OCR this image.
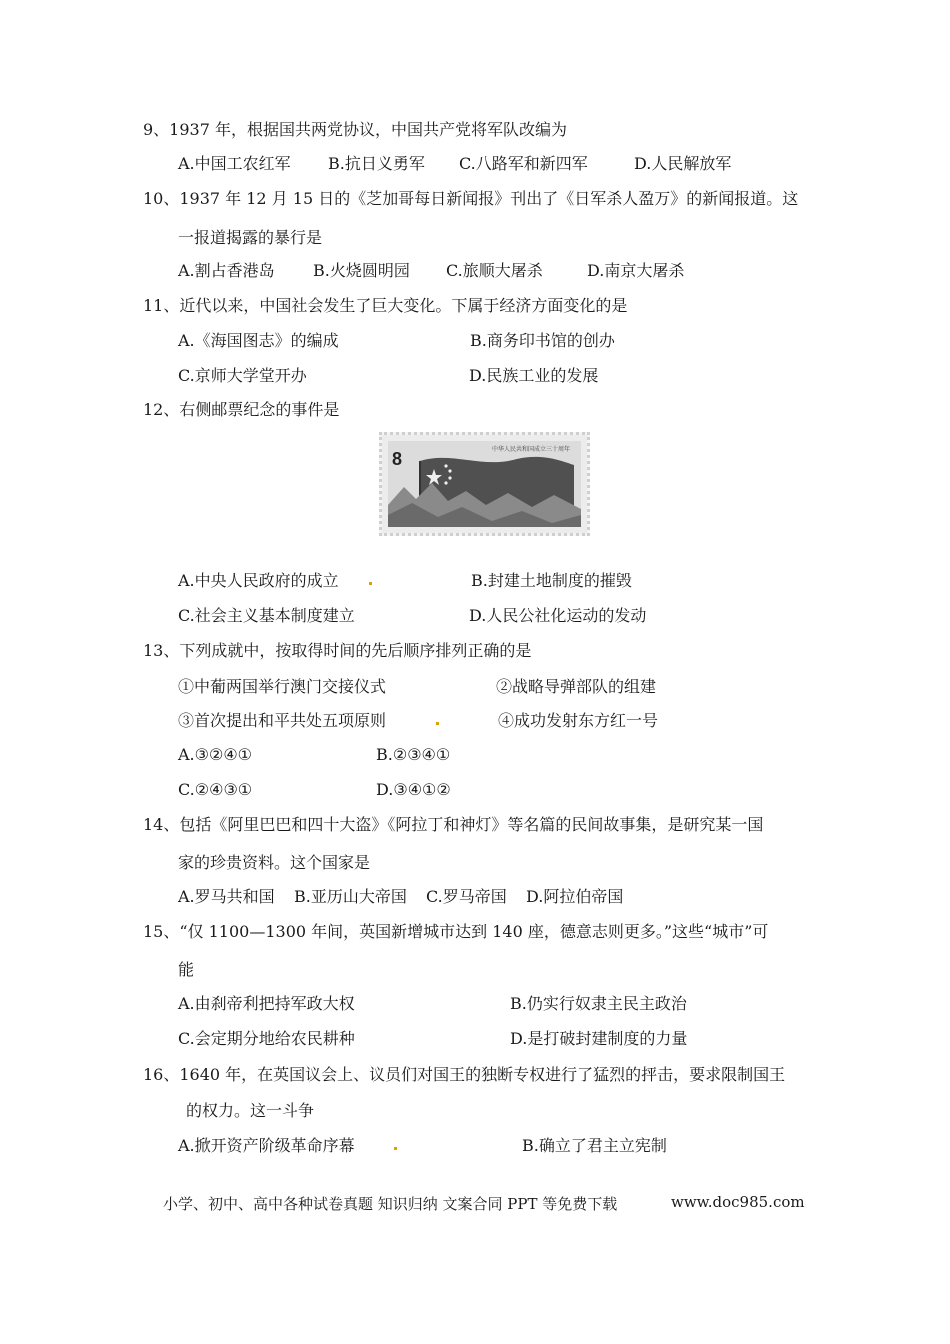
9、1937 年，根据国共两党协议，中国共产党将军队改编为
A.中国工农红军 B.抗日义勇军 C.八路军和新四军	D.人民解放军
10、1937 年 12 月 15 日的《芝加哥每日新闻报》刊出了《日军杀人盈万》的新闻报道。这
一报道揭露的暴行是
A.割占香港岛 B.火烧圆明园 C.旅顺大屠杀	D.南京大屠杀
11、近代以来，中国社会发生了巨大变化。下属于经济方面变化的是
A.《海国图志》的编成	B.商务印书馆的创办
C.京师大学堂开办	D.民族工业的发展
12、右侧邮票纪念的事件是
8	中华人民共和国成立三十周年
A.中央人民政府的成立	B.封建土地制度的摧毁
C.社会主义基本制度建立	D.人民公社化运动的发动
13、下列成就中，按取得时间的先后顺序排列正确的是
①中葡两国举行澳门交接仪式	②战略导弹部队的组建
③首次提出和平共处五项原则	④成功发射东方红一号
A.③②④①	B.②③④①
C.②④③①	D.③④①②
14、包括《阿里巴巴和四十大盗》《阿拉丁和神灯》等名篇的民间故事集，是研究某一国
家的珍贵资料。这个国家是
A.罗马共和国 B.亚历山大帝国 C.罗马帝国 D.阿拉伯帝国
15、“仅 1100—1300 年间，英国新增城市达到 140 座，德意志则更多。”这些“城市”可
能
A.由刹帝利把持军政大权	B.仍实行奴隶主民主政治
C.会定期分地给农民耕种	D.是打破封建制度的力量
16、1640 年，在英国议会上、议员们对国王的独断专权进行了猛烈的抨击，要求限制国王
的权力。这一斗争
A.掀开资产阶级革命序幕	B.确立了君主立宪制
小学、初中、高中各种试卷真题 知识归纳 文案合同 PPT 等免费下载	www.doc985.com
